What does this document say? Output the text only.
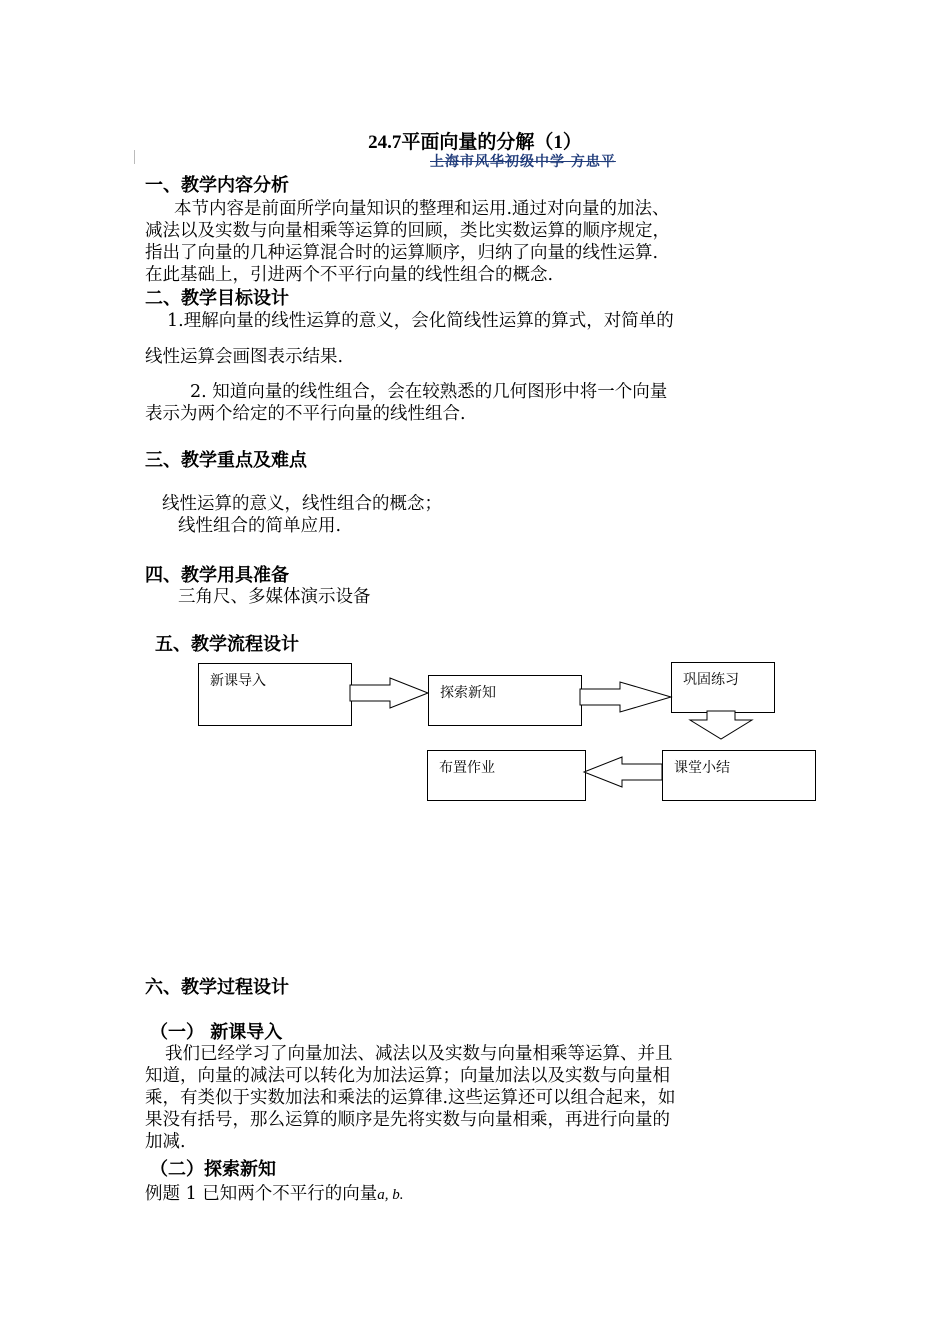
24.7平面向量的分解（1）
上海市风华初级中学 方忠平
一、教学内容分析
本节内容是前面所学向量知识的整理和运用.通过对向量的加法、
减法以及实数与向量相乘等运算的回顾，类比实数运算的顺序规定，
指出了向量的几种运算混合时的运算顺序，归纳了向量的线性运算.
在此基础上，引进两个不平行向量的线性组合的概念.
二、教学目标设计
1.理解向量的线性运算的意义，会化简线性运算的算式，对简单的
线性运算会画图表示结果.
2. 知道向量的线性组合，会在较熟悉的几何图形中将一个向量
表示为两个给定的不平行向量的线性组合.
三、教学重点及难点
线性运算的意义，线性组合的概念；
线性组合的简单应用.
四、教学用具准备
三角尺、多媒体演示设备
五、教学流程设计
新课导入
探索新知
巩固练习
课堂小结
布置作业
六、教学过程设计
（一） 新课导入
我们已经学习了向量加法、减法以及实数与向量相乘等运算、并且
知道，向量的减法可以转化为加法运算；向量加法以及实数与向量相
乘，有类似于实数加法和乘法的运算律.这些运算还可以组合起来，如
果没有括号，那么运算的顺序是先将实数与向量相乘，再进行向量的
加减.
（二）探索新知
例题 1 已知两个不平行的向量a, b.
